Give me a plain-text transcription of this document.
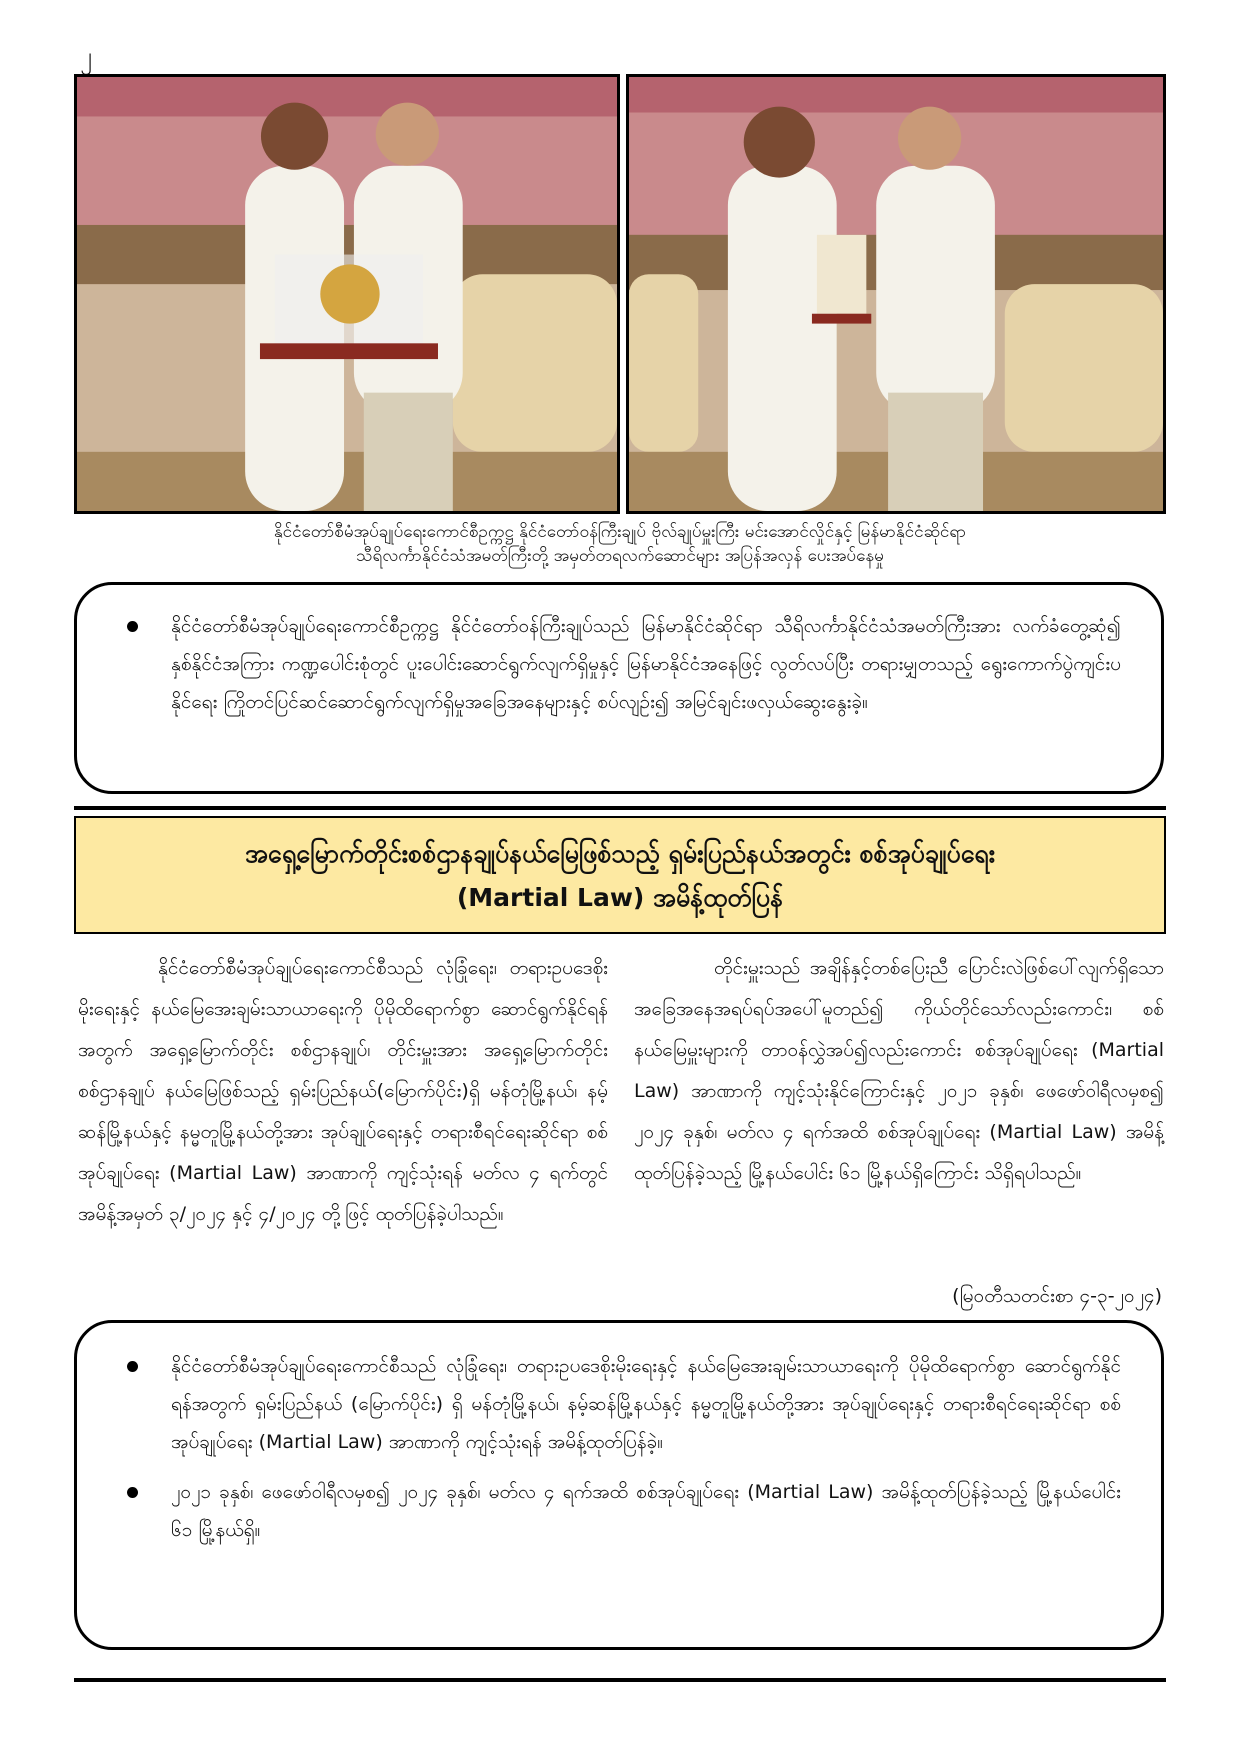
၂
နိုင်ငံတော်စီမံအုပ်ချုပ်ရေးကောင်စီဥက္ကဋ္ဌ နိုင်ငံတော်ဝန်ကြီးချုပ် ဗိုလ်ချုပ်မှူးကြီး မင်းအောင်လှိုင်နှင့် မြန်မာနိုင်ငံဆိုင်ရာ
သီရိလင်္ကာနိုင်ငံသံအမတ်ကြီးတို့ အမှတ်တရလက်ဆောင်များ အပြန်အလှန် ပေးအပ်နေမှု
နိုင်ငံတော်စီမံအုပ်ချုပ်ရေးကောင်စီဥက္ကဋ္ဌ နိုင်ငံတော်ဝန်ကြီးချုပ်သည် မြန်မာနိုင်ငံဆိုင်ရာ သီရိလင်္ကာနိုင်ငံသံအမတ်ကြီးအား လက်ခံတွေ့ဆုံ၍ နှစ်နိုင်ငံအကြား ကဏ္ဍပေါင်းစုံတွင် ပူးပေါင်းဆောင်ရွက်လျက်ရှိမှုနှင့် မြန်မာနိုင်ငံအနေဖြင့် လွတ်လပ်ပြီး တရားမျှတသည့် ရွေးကောက်ပွဲကျင်းပနိုင်ရေး ကြိုတင်ပြင်ဆင်ဆောင်ရွက်လျက်ရှိမှုအခြေအနေများနှင့် စပ်လျဉ်း၍ အမြင်ချင်းဖလှယ်ဆွေးနွေးခဲ့။
အရှေ့မြောက်တိုင်းစစ်ဌာနချုပ်နယ်မြေဖြစ်သည့် ရှမ်းပြည်နယ်အတွင်း စစ်အုပ်ချုပ်ရေး
(Martial Law) အမိန့်ထုတ်ပြန်

နိုင်ငံတော်စီမံအုပ်ချုပ်ရေးကောင်စီသည် လုံခြုံရေး၊ တရားဥပဒေစိုးမိုးရေးနှင့် နယ်မြေအေးချမ်းသာယာရေးကို ပိုမိုထိရောက်စွာ ဆောင်ရွက်နိုင်ရန်အတွက် အရှေ့မြောက်တိုင်း စစ်ဌာနချုပ်၊ တိုင်းမှူးအား အရှေ့မြောက်တိုင်းစစ်ဌာနချုပ် နယ်မြေဖြစ်သည့် ရှမ်းပြည်နယ်(မြောက်ပိုင်း)ရှိ မန်တုံမြို့နယ်၊ နမ့်ဆန်မြို့နယ်နှင့် နမ္မတူမြို့နယ်တို့အား အုပ်ချုပ်ရေးနှင့် တရားစီရင်ရေးဆိုင်ရာ စစ်အုပ်ချုပ်ရေး (Martial Law) အာဏာကို ကျင့်သုံးရန် မတ်လ ၄ ရက်တွင် အမိန့်အမှတ် ၃/၂၀၂၄ နှင့် ၄/၂၀၂၄ တို့ဖြင့် ထုတ်ပြန်ခဲ့ပါသည်။

တိုင်းမှူးသည် အချိန်နှင့်တစ်ပြေးညီ ပြောင်းလဲဖြစ်ပေါ်လျက်ရှိသော အခြေအနေအရပ်ရပ်အပေါ်မူတည်၍ ကိုယ်တိုင်သော်လည်းကောင်း၊ စစ်နယ်မြေမှူးများကို တာဝန်လွှဲအပ်၍လည်းကောင်း စစ်အုပ်ချုပ်ရေး (Martial Law) အာဏာကို ကျင့်သုံးနိုင်ကြောင်းနှင့် ၂၀၂၁ ခုနှစ်၊ ဖေဖော်ဝါရီလမှစ၍ ၂၀၂၄ ခုနှစ်၊ မတ်လ ၄ ရက်အထိ စစ်အုပ်ချုပ်ရေး (Martial Law) အမိန့်ထုတ်ပြန်ခဲ့သည့် မြို့နယ်ပေါင်း ၆၁ မြို့နယ်ရှိကြောင်း သိရှိရပါသည်။

(မြဝတီသတင်းစာ ၄-၃-၂၀၂၄)
နိုင်ငံတော်စီမံအုပ်ချုပ်ရေးကောင်စီသည် လုံခြုံရေး၊ တရားဥပဒေစိုးမိုးရေးနှင့် နယ်မြေအေးချမ်းသာယာရေးကို ပိုမိုထိရောက်စွာ ဆောင်ရွက်နိုင်ရန်အတွက် ရှမ်းပြည်နယ် (မြောက်ပိုင်း) ရှိ မန်တုံမြို့နယ်၊ နမ့်ဆန်မြို့နယ်နှင့် နမ္မတူမြို့နယ်တို့အား အုပ်ချုပ်ရေးနှင့် တရားစီရင်ရေးဆိုင်ရာ စစ်အုပ်ချုပ်ရေး (Martial Law) အာဏာကို ကျင့်သုံးရန် အမိန့်ထုတ်ပြန်ခဲ့။
၂၀၂၁ ခုနှစ်၊ ဖေဖော်ဝါရီလမှစ၍ ၂၀၂၄ ခုနှစ်၊ မတ်လ ၄ ရက်အထိ စစ်အုပ်ချုပ်ရေး (Martial Law) အမိန့်ထုတ်ပြန်ခဲ့သည့် မြို့နယ်ပေါင်း ၆၁ မြို့နယ်ရှိ။
